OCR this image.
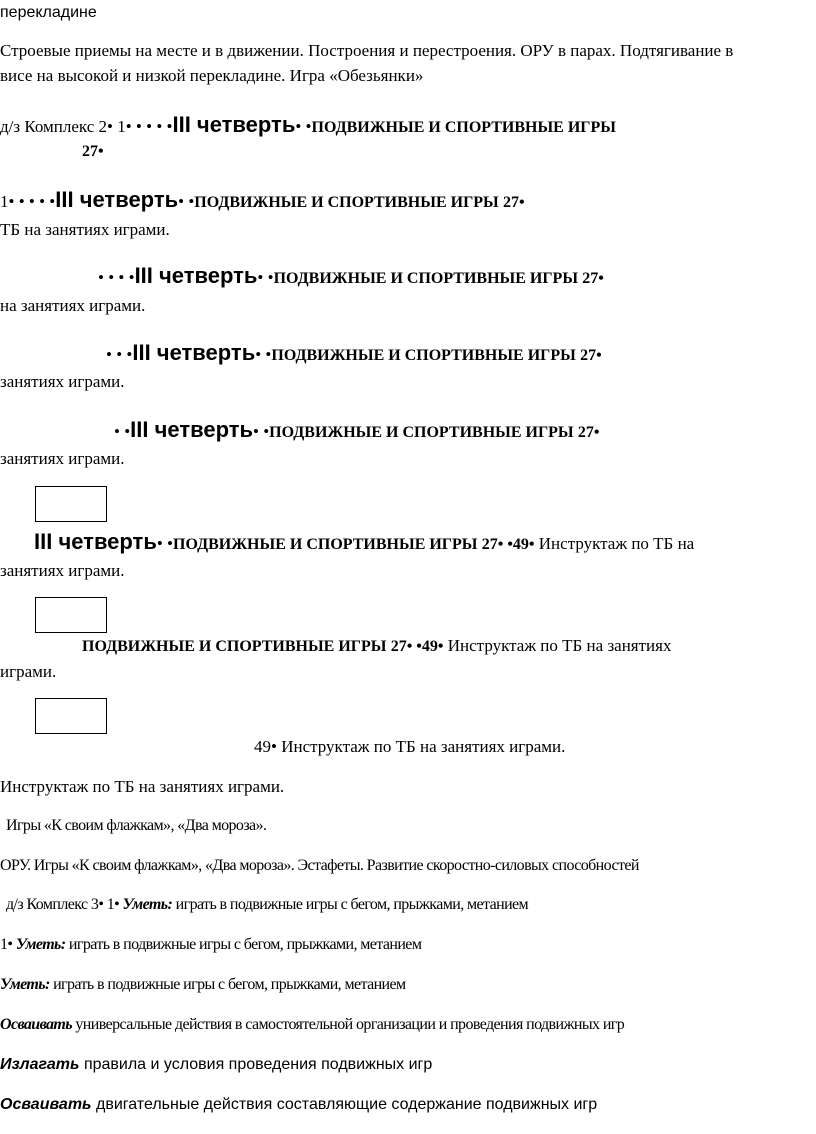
перекладине
Строевые приемы на месте и в движении. Построения и перестроения. ОРУ в парах. Подтягивание в
висе на высокой и низкой перекладине. Игра «Обезьянки»
д/з Комплекс 2• 1• • • • •III четверть• •ПОДВИЖНЫЕ И СПОРТИВНЫЕ ИГРЫ
27•
1• • • • •III четверть• •ПОДВИЖНЫЕ И СПОРТИВНЫЕ ИГРЫ 27•
ТБ на занятиях играми.
• • • •III четверть• •ПОДВИЖНЫЕ И СПОРТИВНЫЕ ИГРЫ 27•
на занятиях играми.
• • •III четверть• •ПОДВИЖНЫЕ И СПОРТИВНЫЕ ИГРЫ 27•
занятиях играми.
• •III четверть• •ПОДВИЖНЫЕ И СПОРТИВНЫЕ ИГРЫ 27•
занятиях играми.
III четверть• •ПОДВИЖНЫЕ И СПОРТИВНЫЕ ИГРЫ 27• •49• Инструктаж по ТБ на
занятиях играми.
ПОДВИЖНЫЕ И СПОРТИВНЫЕ ИГРЫ 27• •49• Инструктаж по ТБ на занятиях
играми.
49• Инструктаж по ТБ на занятиях играми.
Инструктаж по ТБ на занятиях играми.
Игры «К своим флажкам», «Два мороза».
ОРУ. Игры «К своим флажкам», «Два мороза». Эстафеты. Развитие скоростно-силовых способностей
д/з Комплекс 3• 1• Уметь: играть в подвижные игры с бегом, прыжками, метанием
1• Уметь: играть в подвижные игры с бегом, прыжками, метанием
Уметь: играть в подвижные игры с бегом, прыжками, метанием
Осваивать универсальные действия в самостоятельной организации и проведения подвижных игр
Излагать правила и условия проведения подвижных игр
Осваивать двигательные действия составляющие содержание подвижных игр
